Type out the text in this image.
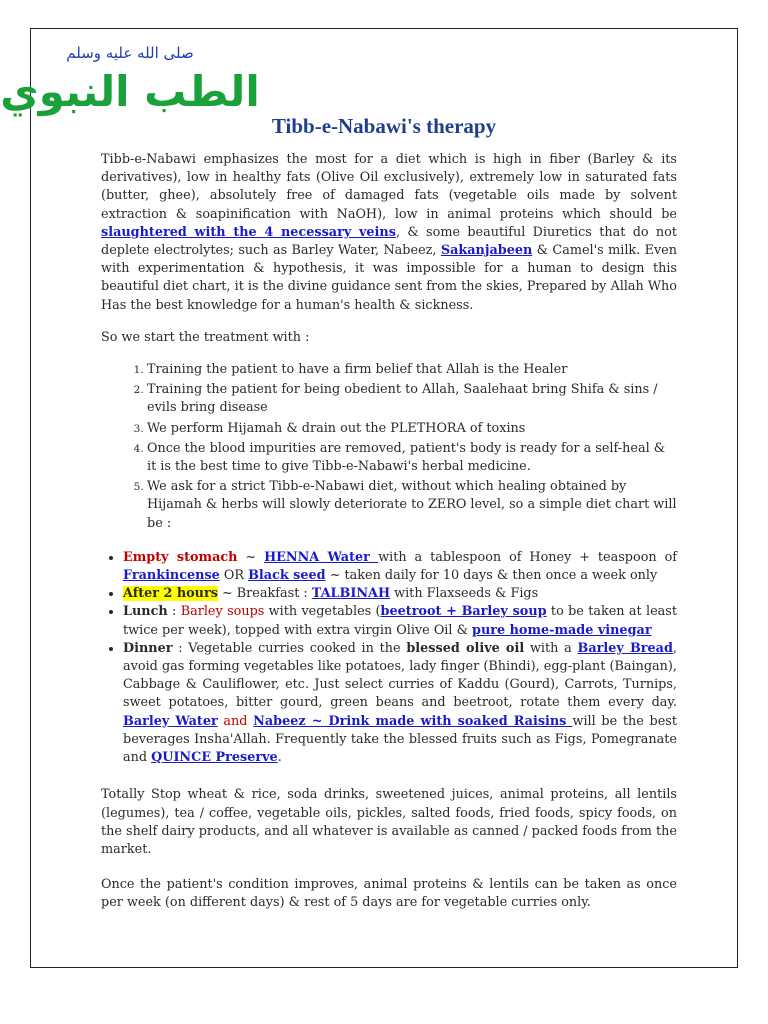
صلى الله عليه وسلم
الطب النبوي
Tibb-e-Nabawi's therapy

Tibb-e-Nabawi emphasizes the most for a diet which is high in fiber (Barley & its derivatives), low in healthy fats (Olive Oil exclusively), extremely low in saturated fats (butter, ghee), absolutely free of damaged fats (vegetable oils made by solvent extraction & soapinification with NaOH), low in animal proteins which should be slaughtered with the 4 necessary veins, & some beautiful Diuretics that do not deplete electrolytes; such as Barley Water, Nabeez, Sakanjabeen & Camel's milk. Even with experimentation & hypothesis, it was impossible for a human to design this beautiful diet chart, it is the divine guidance sent from the skies, Prepared by Allah Who Has the best knowledge for a human's health & sickness.

So we start the treatment with :

1. Training the patient to have a firm belief that Allah is the Healer
2. Training the patient for being obedient to Allah, Saalehaat bring Shifa & sins / evils bring disease
3. We perform Hijamah & drain out the PLETHORA of toxins
4. Once the blood impurities are removed, patient's body is ready for a self-heal & it is the best time to give Tibb-e-Nabawi's herbal medicine.
5. We ask for a strict Tibb-e-Nabawi diet, without which healing obtained by Hijamah & herbs will slowly deteriorate to ZERO level, so a simple diet chart will be :
• Empty stomach ~ HENNA Water with a tablespoon of Honey + teaspoon of Frankincense OR Black seed ~ taken daily for 10 days & then once a week only
• After 2 hours ~ Breakfast : TALBINAH with Flaxseeds & Figs
• Lunch : Barley soups with vegetables (beetroot + Barley soup to be taken at least twice per week), topped with extra virgin Olive Oil & pure home-made vinegar
• Dinner : Vegetable curries cooked in the blessed olive oil with a Barley Bread, avoid gas forming vegetables like potatoes, lady finger (Bhindi), egg-plant (Baingan), Cabbage & Cauliflower, etc. Just select curries of Kaddu (Gourd), Carrots, Turnips, sweet potatoes, bitter gourd, green beans and beetroot, rotate them every day. Barley Water and Nabeez ~ Drink made with soaked Raisins will be the best beverages Insha'Allah. Frequently take the blessed fruits such as Figs, Pomegranate and QUINCE Preserve.

Totally Stop wheat & rice, soda drinks, sweetened juices, animal proteins, all lentils (legumes), tea / coffee, vegetable oils, pickles, salted foods, fried foods, spicy foods, on the shelf dairy products, and all whatever is available as canned / packed foods from the market.

Once the patient's condition improves, animal proteins & lentils can be taken as once per week (on different days) & rest of 5 days are for vegetable curries only.
